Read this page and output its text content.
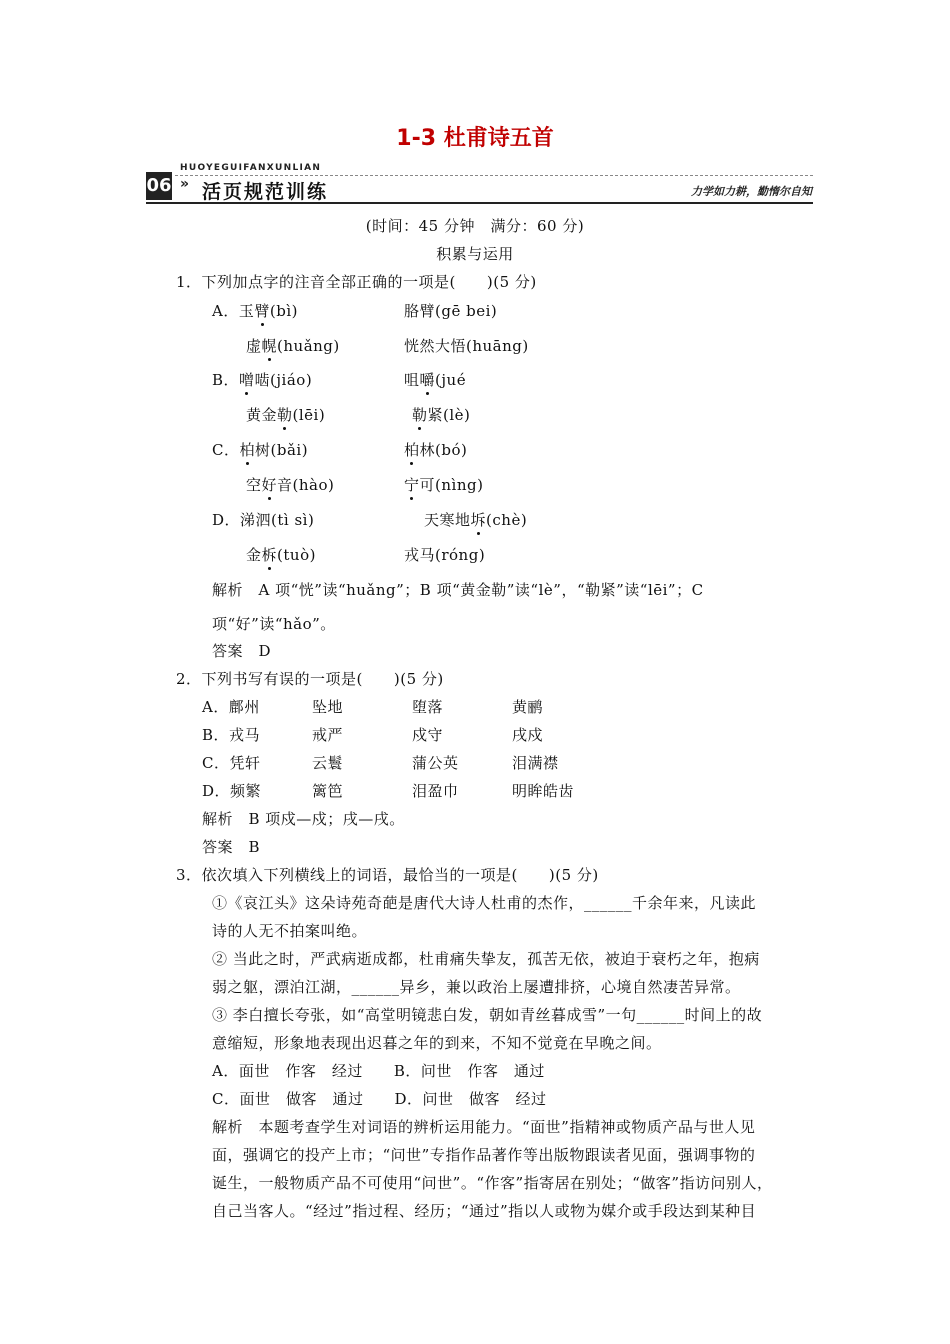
1-3 杜甫诗五首
06
HUOYEGUIFANXUNLIAN
» 活页规范训练	力学如力耕，勤惰尔自知
(时间：45 分钟　满分：60 分)
积累与运用
1．下列加点字的注音全部正确的一项是(　　)(5 分)
A．玉臂(bì)	胳臂(gē bei)
虚幌(huǎng)	恍然大悟(huāng)
B．噌啮(jiáo)	咀嚼(jué
黄金勒(lēi)	勒紧(lè)
C．柏树(bǎi)	柏林(bó)
空好音(hào)	宁可(nìng)
D．涕泗(tì sì)	天寒地坼(chè)
金柝(tuò)	戎马(róng)
解析　A 项“恍”读“huǎng”；B 项“黄金勒”读“lè”，“勒紧”读“lēi”；C
项“好”读“hǎo”。
答案　D
2．下列书写有误的一项是(　　)(5 分)
A．鄜州	坠地	堕落	黄鹂
B．戎马	戒严	戍守	戌戍
C．凭轩	云鬟	蒲公英	泪满襟
D．频繁	篱笆	泪盈巾	明眸皓齿
解析　B 项戍—戍；戌—戌。
答案　B
3．依次填入下列横线上的词语，最恰当的一项是(　　)(5 分)
①《哀江头》这朵诗苑奇葩是唐代大诗人杜甫的杰作，______千余年来，凡读此
诗的人无不拍案叫绝。
② 当此之时，严武病逝成都，杜甫痛失挚友，孤苦无依，被迫于衰朽之年，抱病
弱之躯，漂泊江湖，______异乡，兼以政治上屡遭排挤，心境自然凄苦异常。
③ 李白擅长夸张，如“高堂明镜悲白发，朝如青丝暮成雪”一句______时间上的故
意缩短，形象地表现出迟暮之年的到来，不知不觉竟在早晚之间。
A．面世　作客　经过　　B．问世　作客　通过
C．面世　做客　通过　　D．问世　做客　经过
解析　本题考查学生对词语的辨析运用能力。“面世”指精神或物质产品与世人见
面，强调它的投产上市；“问世”专指作品著作等出版物跟读者见面，强调事物的
诞生，一般物质产品不可使用“问世”。“作客”指寄居在别处；“做客”指访问别人，
自己当客人。“经过”指过程、经历；“通过”指以人或物为媒介或手段达到某种目
